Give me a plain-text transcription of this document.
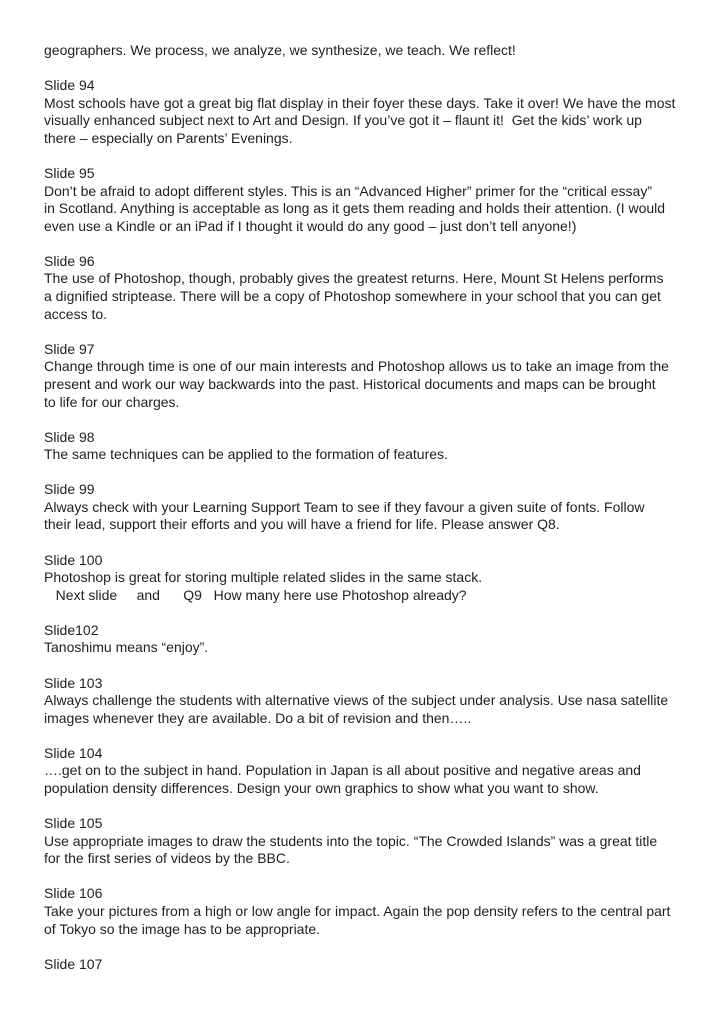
geographers. We process, we analyze, we synthesize, we teach. We reflect!
Slide 94
Most schools have got a great big flat display in their foyer these days. Take it over! We have the most
visually enhanced subject next to Art and Design. If you’ve got it – flaunt it!  Get the kids’ work up
there – especially on Parents’ Evenings.
Slide 95
Don’t be afraid to adopt different styles. This is an “Advanced Higher” primer for the “critical essay”
in Scotland. Anything is acceptable as long as it gets them reading and holds their attention. (I would
even use a Kindle or an iPad if I thought it would do any good – just don’t tell anyone!)
Slide 96
The use of Photoshop, though, probably gives the greatest returns. Here, Mount St Helens performs
a dignified striptease. There will be a copy of Photoshop somewhere in your school that you can get
access to.
Slide 97
Change through time is one of our main interests and Photoshop allows us to take an image from the
present and work our way backwards into the past. Historical documents and maps can be brought
to life for our charges.
Slide 98
The same techniques can be applied to the formation of features.
Slide 99
Always check with your Learning Support Team to see if they favour a given suite of fonts. Follow
their lead, support their efforts and you will have a friend for life. Please answer Q8.
Slide 100
Photoshop is great for storing multiple related slides in the same stack.
Next slide     and      Q9   How many here use Photoshop already?
Slide102
Tanoshimu means “enjoy”.
Slide 103
Always challenge the students with alternative views of the subject under analysis. Use nasa satellite
images whenever they are available. Do a bit of revision and then…..
Slide 104
….get on to the subject in hand. Population in Japan is all about positive and negative areas and
population density differences. Design your own graphics to show what you want to show.
Slide 105
Use appropriate images to draw the students into the topic. “The Crowded Islands” was a great title
for the first series of videos by the BBC.
Slide 106
Take your pictures from a high or low angle for impact. Again the pop density refers to the central part
of Tokyo so the image has to be appropriate.
Slide 107
